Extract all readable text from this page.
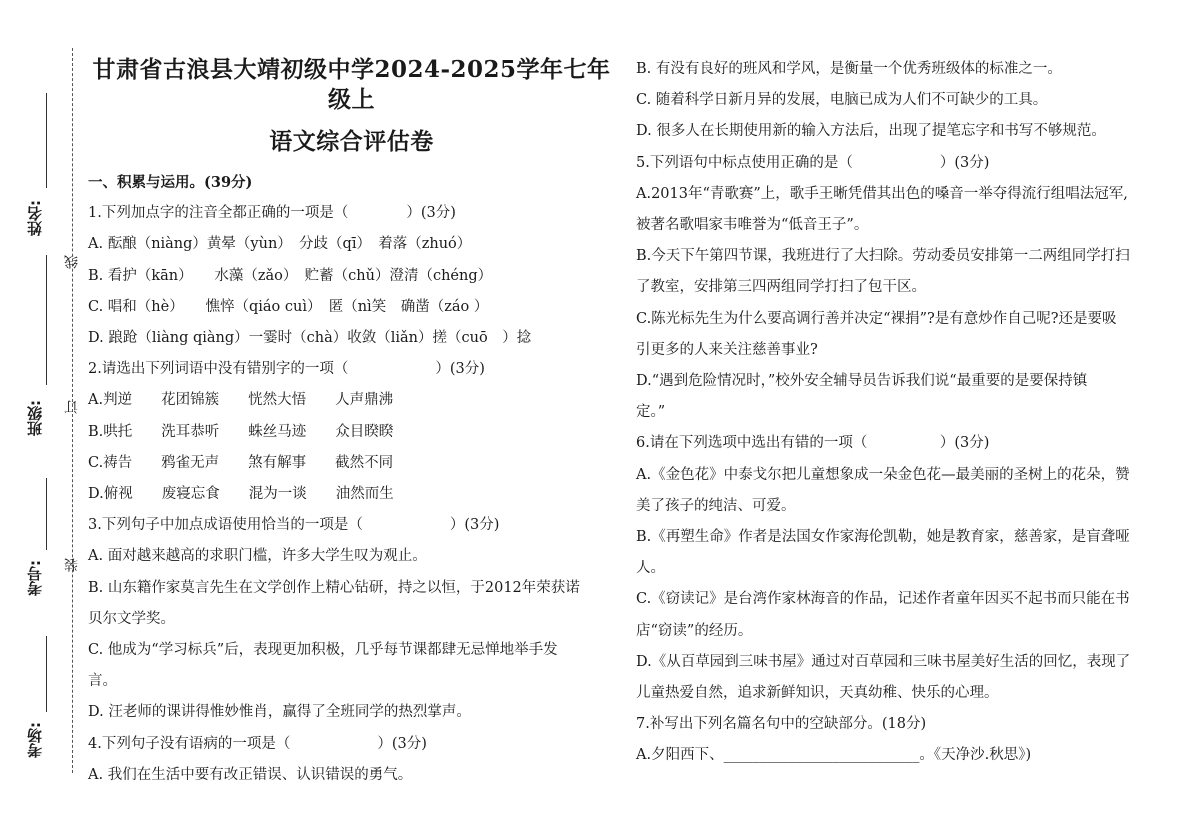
姓名:
班级:
考号:
考场:
线
订
装
甘肃省古浪县大靖初级中学2024-2025学年七年级上
语文综合评估卷
一、积累与运用。(39分)
1.下列加点字的注音全都正确的一项是（　　　　）(3分)
A. 酝酿（niàng）黄晕（yùn）　分歧（qī）　着落（zhuó）
B. 看护（kān）　　水藻（zǎo）　贮蓄（chǔ）澄清（chéng）
C. 唱和（hè）　　憔悴（qiáo cuì）　匿（nì笑　确凿（záo ）
D. 踉跄（liàng qiàng）一霎时（chà）收敛（liǎn）搓（cuō　）捻
2.请选出下列词语中没有错别字的一项（　　　　　　）(3分)
A.判逆　　花团锦簇　　恍然大悟　　人声鼎沸
B.哄托　　洗耳恭听　　蛛丝马迹　　众目睽睽
C.祷告　　鸦雀无声　　煞有解事　　截然不同
D.俯视　　废寝忘食　　混为一谈　　油然而生
3.下列句子中加点成语使用恰当的一项是（　　　　　　）(3分)
A. 面对越来越高的求职门槛，许多大学生叹为观止。
B. 山东籍作家莫言先生在文学创作上精心钻研，持之以恒，于2012年荣获诺
贝尔文学奖。
C. 他成为“学习标兵”后，表现更加积极，几乎每节课都肆无忌惮地举手发
言。
D. 汪老师的课讲得惟妙惟肖，赢得了全班同学的热烈掌声。
4.下列句子没有语病的一项是（　　　　　　）(3分)
A. 我们在生活中要有改正错误、认识错误的勇气。
B. 有没有良好的班风和学风，是衡量一个优秀班级体的标准之一。
C. 随着科学日新月异的发展，电脑已成为人们不可缺少的工具。
D. 很多人在长期使用新的输入方法后，出现了提笔忘字和书写不够规范。
5.下列语句中标点使用正确的是（　　　　　　）(3分)
A.2013年“青歌赛”上，歌手王晰凭借其出色的嗓音一举夺得流行组唱法冠军,
被著名歌唱家韦唯誉为“低音王子”。
B.今天下午第四节课，我班进行了大扫除。劳动委员安排第一二两组同学打扫
了教室，安排第三四两组同学打扫了包干区。
C.陈光标先生为什么要高调行善并决定“裸捐”?是有意炒作自己呢?还是要吸
引更多的人来关注慈善事业?
D.“遇到危险情况时，”校外安全辅导员告诉我们说“最重要的是要保持镇
定。”
6.请在下列选项中选出有错的一项（　　　　　）(3分)
A.《金色花》中泰戈尔把儿童想象成一朵金色花—最美丽的圣树上的花朵，赞
美了孩子的纯洁、可爱。
B.《再塑生命》作者是法国女作家海伦凯勒，她是教育家，慈善家，是盲聋哑
人。
C.《窃读记》是台湾作家林海音的作品，记述作者童年因买不起书而只能在书
店“窃读”的经历。
D.《从百草园到三味书屋》通过对百草园和三味书屋美好生活的回忆，表现了
儿童热爱自然，追求新鲜知识，天真幼稚、快乐的心理。
7.补写出下列名篇名句中的空缺部分。(18分)
A.夕阳西下、___________________________。《天净沙.秋思》)
